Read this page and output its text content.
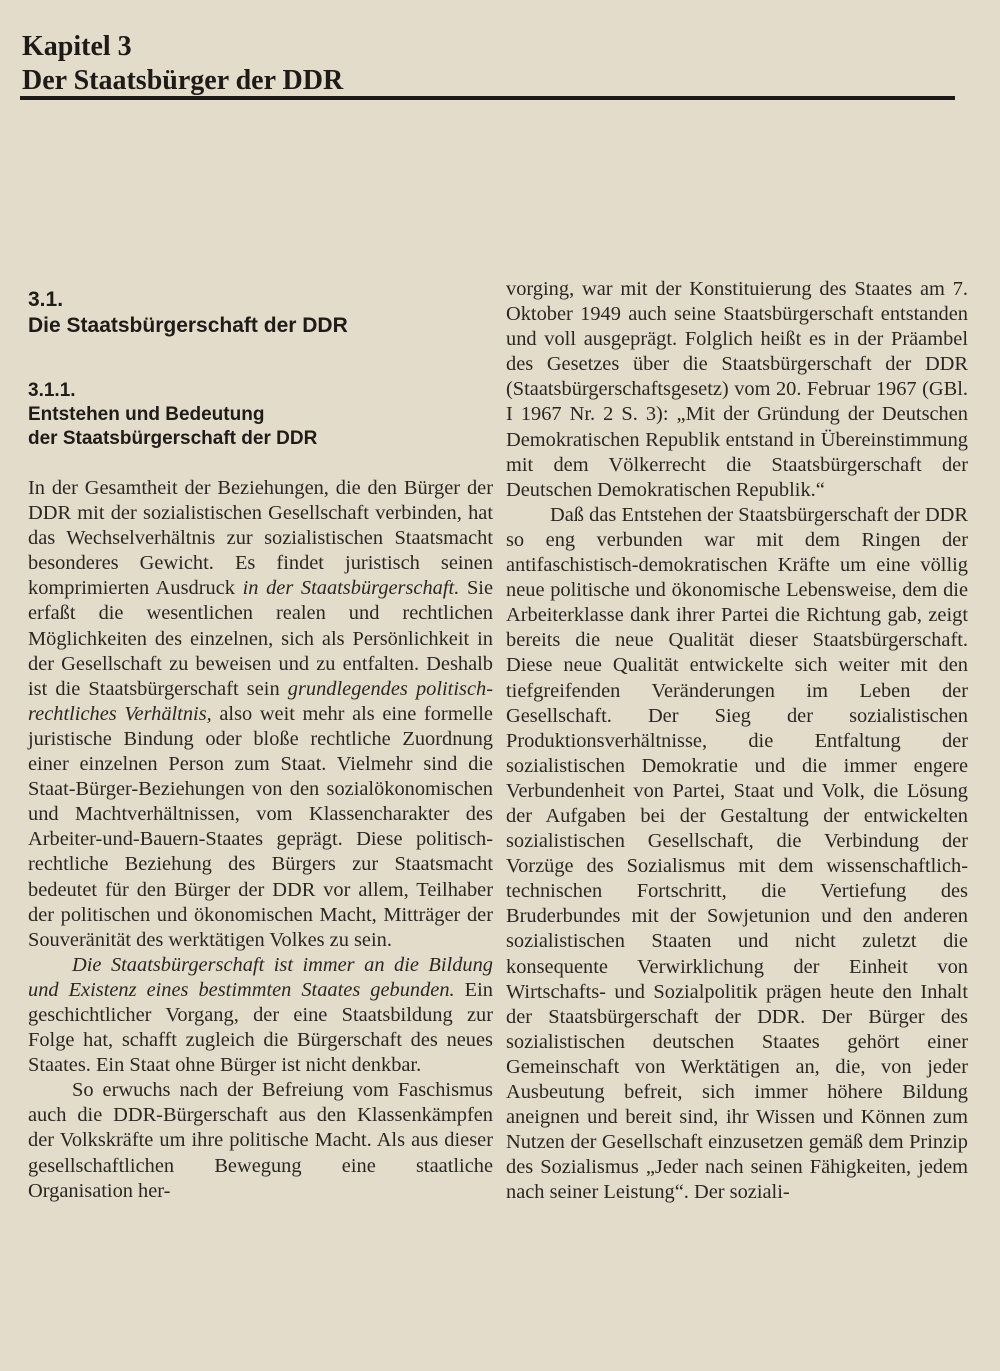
Kapitel 3
Der Staatsbürger der DDR
3.1.
Die Staatsbürgerschaft der DDR
3.1.1.
Entstehen und Bedeutung
der Staatsbürgerschaft der DDR

In der Gesamtheit der Beziehungen, die den Bürger der DDR mit der sozialistischen Gesellschaft verbinden, hat das Wechselverhältnis zur sozialistischen Staatsmacht besonderes Gewicht. Es findet juristisch seinen komprimierten Ausdruck in der Staatsbürgerschaft. Sie erfaßt die wesentlichen realen und rechtlichen Möglichkeiten des einzelnen, sich als Persönlichkeit in der Gesellschaft zu beweisen und zu entfalten. Deshalb ist die Staatsbürgerschaft sein grundlegendes politisch-rechtliches Verhältnis, also weit mehr als eine formelle juristische Bindung oder bloße rechtliche Zuordnung einer einzelnen Person zum Staat. Vielmehr sind die Staat-Bürger-Beziehungen von den sozialökonomischen und Machtverhältnissen, vom Klassencharakter des Arbeiter-und-Bauern-Staates geprägt. Diese politisch-rechtliche Beziehung des Bürgers zur Staatsmacht bedeutet für den Bürger der DDR vor allem, Teilhaber der politischen und ökonomischen Macht, Mitträger der Souveränität des werktätigen Volkes zu sein.

Die Staatsbürgerschaft ist immer an die Bildung und Existenz eines bestimmten Staates gebunden. Ein geschichtlicher Vorgang, der eine Staatsbildung zur Folge hat, schafft zugleich die Bürgerschaft des neues Staates. Ein Staat ohne Bürger ist nicht denkbar.

So erwuchs nach der Befreiung vom Faschismus auch die DDR-Bürgerschaft aus den Klassenkämpfen der Volkskräfte um ihre politische Macht. Als aus dieser gesellschaftlichen Bewegung eine staatliche Organisation her-

vorging, war mit der Konstituierung des Staates am 7. Oktober 1949 auch seine Staatsbürgerschaft entstanden und voll ausgeprägt. Folglich heißt es in der Präambel des Gesetzes über die Staatsbürgerschaft der DDR (Staatsbürgerschaftsgesetz) vom 20. Februar 1967 (GBl. I 1967 Nr. 2 S. 3): „Mit der Gründung der Deutschen Demokratischen Republik entstand in Übereinstimmung mit dem Völkerrecht die Staatsbürgerschaft der Deutschen Demokratischen Republik.“

Daß das Entstehen der Staatsbürgerschaft der DDR so eng verbunden war mit dem Ringen der antifaschistisch-demokratischen Kräfte um eine völlig neue politische und ökonomische Lebensweise, dem die Arbeiterklasse dank ihrer Partei die Richtung gab, zeigt bereits die neue Qualität dieser Staatsbürgerschaft. Diese neue Qualität entwickelte sich weiter mit den tiefgreifenden Veränderungen im Leben der Gesellschaft. Der Sieg der sozialistischen Produktionsverhältnisse, die Entfaltung der sozialistischen Demokratie und die immer engere Verbundenheit von Partei, Staat und Volk, die Lösung der Aufgaben bei der Gestaltung der entwickelten sozialistischen Gesellschaft, die Verbindung der Vorzüge des Sozialismus mit dem wissenschaftlich-technischen Fortschritt, die Vertiefung des Bruderbundes mit der Sowjetunion und den anderen sozialistischen Staaten und nicht zuletzt die konsequente Verwirklichung der Einheit von Wirtschafts- und Sozialpolitik prägen heute den Inhalt der Staatsbürgerschaft der DDR. Der Bürger des sozialistischen deutschen Staates gehört einer Gemeinschaft von Werktätigen an, die, von jeder Ausbeutung befreit, sich immer höhere Bildung aneignen und bereit sind, ihr Wissen und Können zum Nutzen der Gesellschaft einzusetzen gemäß dem Prinzip des Sozialismus „Jeder nach seinen Fähigkeiten, jedem nach seiner Leistung“. Der soziali-
